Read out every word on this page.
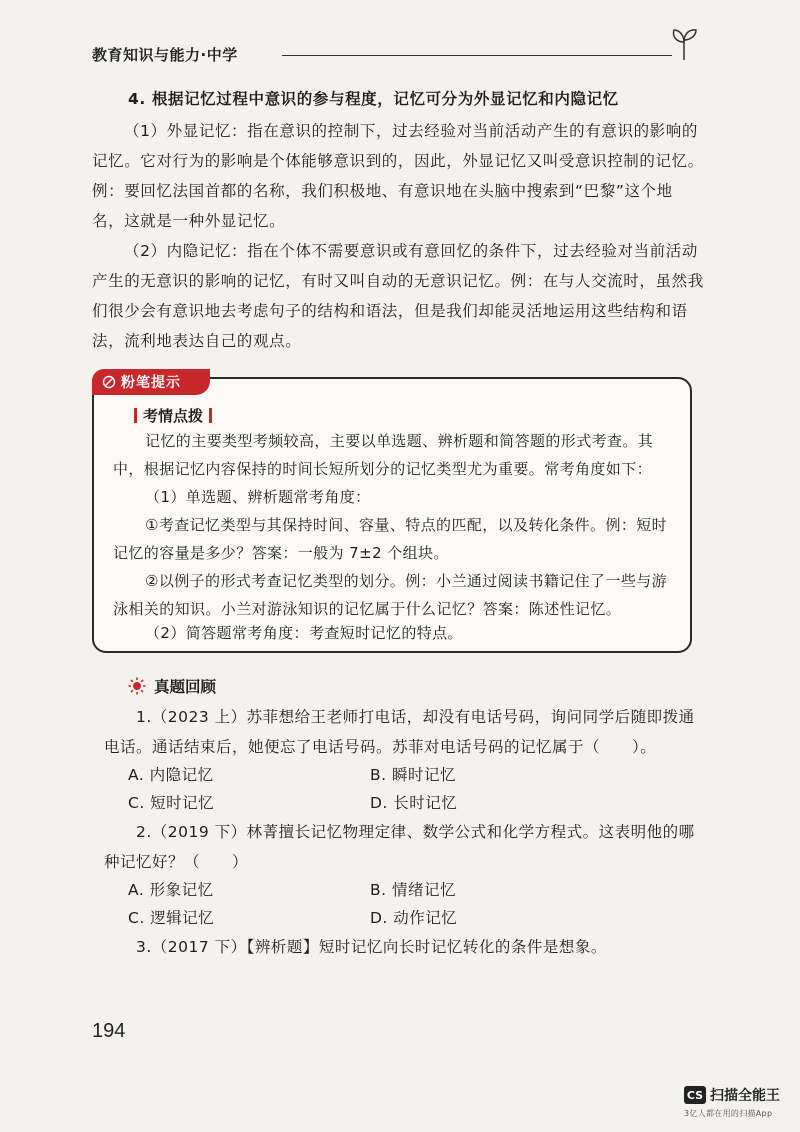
教育知识与能力·中学
4. 根据记忆过程中意识的参与程度，记忆可分为外显记忆和内隐记忆
（1）外显记忆：指在意识的控制下，过去经验对当前活动产生的有意识的影响的记忆。它对行为的影响是个体能够意识到的，因此，外显记忆又叫受意识控制的记忆。例：要回忆法国首都的名称，我们积极地、有意识地在头脑中搜索到“巴黎”这个地名，这就是一种外显记忆。
（2）内隐记忆：指在个体不需要意识或有意回忆的条件下，过去经验对当前活动产生的无意识的影响的记忆，有时又叫自动的无意识记忆。例：在与人交流时，虽然我们很少会有意识地去考虑句子的结构和语法，但是我们却能灵活地运用这些结构和语法，流利地表达自己的观点。
粉笔提示
考情点拨
记忆的主要类型考频较高，主要以单选题、辨析题和简答题的形式考查。其中，根据记忆内容保持的时间长短所划分的记忆类型尤为重要。常考角度如下：
（1）单选题、辨析题常考角度：
①考查记忆类型与其保持时间、容量、特点的匹配，以及转化条件。例：短时记忆的容量是多少？答案：一般为 7±2 个组块。
②以例子的形式考查记忆类型的划分。例：小兰通过阅读书籍记住了一些与游泳相关的知识。小兰对游泳知识的记忆属于什么记忆？答案：陈述性记忆。
（2）简答题常考角度：考查短时记忆的特点。
真题回顾
1.（2023 上）苏菲想给王老师打电话，却没有电话号码，询问同学后随即拨通电话。通话结束后，她便忘了电话号码。苏菲对电话号码的记忆属于（　　）。
A. 内隐记忆	B. 瞬时记忆
C. 短时记忆	D. 长时记忆
2.（2019 下）林菁擅长记忆物理定律、数学公式和化学方程式。这表明他的哪种记忆好？（　　）
A. 形象记忆	B. 情绪记忆
C. 逻辑记忆	D. 动作记忆
3.（2017 下）【辨析题】短时记忆向长时记忆转化的条件是想象。
194
CS 扫描全能王
3亿人都在用的扫描App
